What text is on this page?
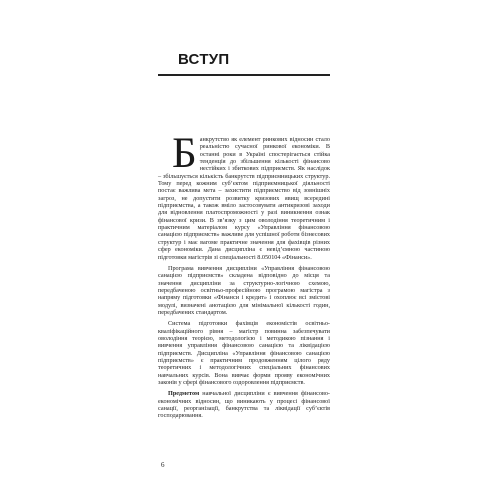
ВСТУП

Банкрутство як елемент ринкових відносин стало реальністю сучасної ринкової економіки. В останні роки в Україні спостерігається стійка тенденція до збільшення кількості фінансово нестійких і збиткових підприємств. Як наслідок – збільшується кількість банкрутств підприємницьких структур. Тому перед кожним суб’єктом підприємницької діяльності постає важлива мета – захистити підприємство від зовнішніх загроз, не допустити розвитку кризових явищ всередині підприємства, а також вміло застосовувати антикризові заходи для відновлення платоспроможності у разі виникнення ознак фінансової кризи. В зв’язку з цим оволодіння теоретичним і практичним матеріалом курсу «Управління фінансовою санацією підприємств» важливе для успішної роботи бізнесових структур і має вагоме практичне значення для фахівців різних сфер економіки. Дана дисципліна є невід’ємною частиною підготовки магістрів зі спеціальності 8.050104 «Фінанси».

Програма вивчення дисципліни «Управління фінансовою санацією підприємств» складена відповідно до місця та значення дисципліни за структурно-логічною схемою, передбаченою освітньо-професійною програмою магістра з напряму підготовки «Фінанси і кредит» і охоплює всі змістові модулі, визначені анотацією для мінімальної кількості годин, передбачених стандартом.

Система підготовки фахівців економістів освітньо-кваліфікаційного рівня – магістр повинна забезпечувати оволодіння теорією, методологією і методикою пізнання і вивчення управління фінансовою санацією та ліквідацією підприємств. Дисципліна «Управління фінансовою санацією підприємств» є практичним продовженням цілого ряду теоретичних і методологічних спеціальних фінансових навчальних курсів. Вона вивчає форми прояву економічних законів у сфері фінансового оздоровлення підприємств.

Предметом навчальної дисципліни є вивчення фінансово-економічних відносин, що виникають у процесі фінансової санації, реорганізації, банкрутства та ліквідації суб’єктів господарювання.

6
